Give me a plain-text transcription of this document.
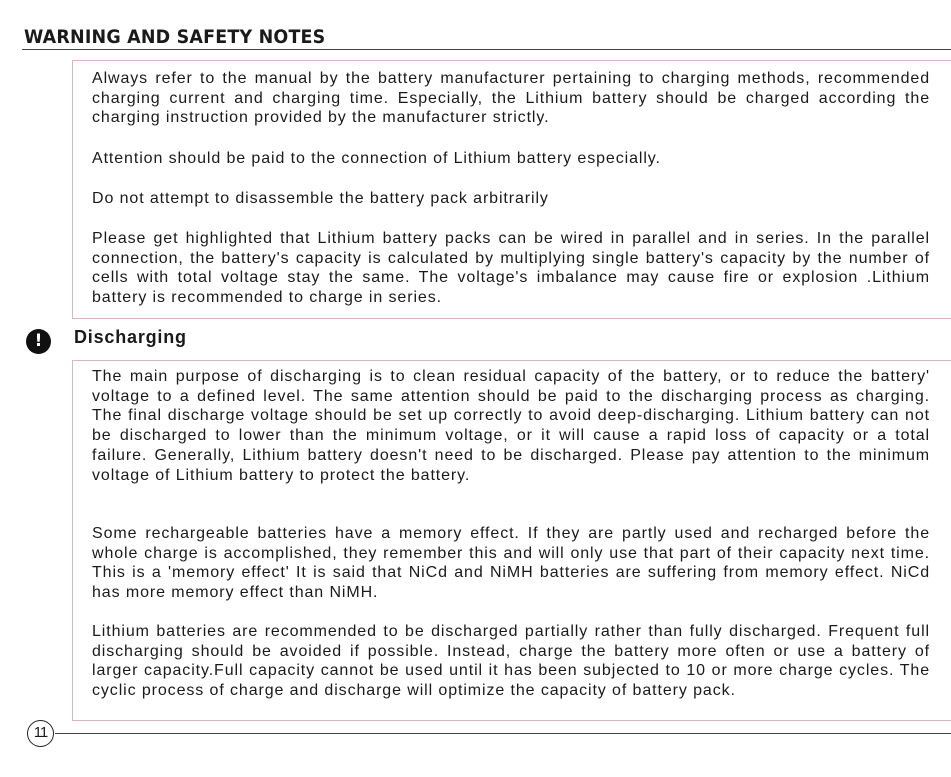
WARNING AND SAFETY NOTES

Always refer to the manual by the battery manufacturer pertaining to charging methods, recommended charging current and charging time. Especially, the Lithium battery should be charged according the charging instruction provided by the manufacturer strictly.

Attention should be paid to the connection of Lithium battery especially.

Do not attempt to disassemble the battery pack arbitrarily

Please get highlighted that Lithium battery packs can be wired in parallel and in series. In the parallel connection, the battery's capacity is calculated by multiplying single battery's capacity by the number of cells with total voltage stay the same. The voltage's imbalance may cause fire or explosion .Lithium battery is recommended to charge in series.

!	Discharging

The main purpose of discharging is to clean residual capacity of the battery, or to reduce the battery' voltage to a defined level. The same attention should be paid to the discharging process as charging. The final discharge voltage should be set up correctly to avoid deep-discharging. Lithium battery can not be discharged to lower than the minimum voltage, or it will cause a rapid loss of capacity or a total failure. Generally, Lithium battery doesn't need to be discharged. Please pay attention to the minimum voltage of Lithium battery to protect the battery.

Some rechargeable batteries have a memory effect. If they are partly used and recharged before the whole charge is accomplished, they remember this and will only use that part of their capacity next time. This is a 'memory effect' It is said that NiCd and NiMH batteries are suffering from memory effect. NiCd has more memory effect than NiMH.

Lithium batteries are recommended to be discharged partially rather than fully discharged. Frequent full discharging should be avoided if possible. Instead, charge the battery more often or use a battery of larger capacity.Full capacity cannot be used until it has been subjected to 10 or more charge cycles. The cyclic process of charge and discharge will optimize the capacity of battery pack.

11
